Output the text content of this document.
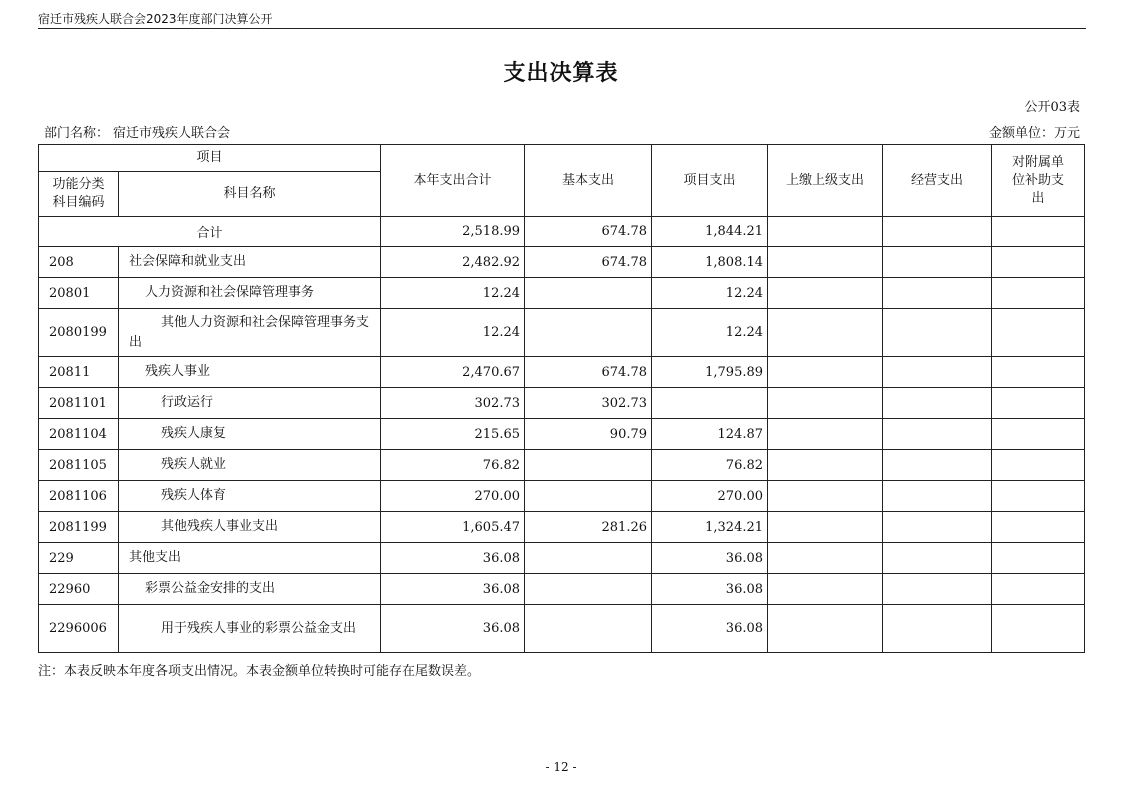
宿迁市残疾人联合会2023年度部门决算公开
支出决算表
公开03表
部门名称： 宿迁市残疾人联合会	金额单位：万元
项目		本年支出合计	基本支出	项目支出	上缴上级支出	经营支出	对附属单位补助支出
功能分类科目编码	科目名称						
合计		2,518.99	674.78	1,844.21			
208	社会保障和就业支出	2,482.92	674.78	1,808.14			
20801	人力资源和社会保障管理事务	12.24		12.24			
2080199	其他人力资源和社会保障管理事务支出	12.24		12.24			
20811	残疾人事业	2,470.67	674.78	1,795.89			
2081101	行政运行	302.73	302.73				
2081104	残疾人康复	215.65	90.79	124.87			
2081105	残疾人就业	76.82		76.82			
2081106	残疾人体育	270.00		270.00			
2081199	其他残疾人事业支出	1,605.47	281.26	1,324.21			
229	其他支出	36.08		36.08			
22960	彩票公益金安排的支出	36.08		36.08			
2296006	用于残疾人事业的彩票公益金支出	36.08		36.08			
注：本表反映本年度各项支出情况。本表金额单位转换时可能存在尾数误差。
- 12 -
